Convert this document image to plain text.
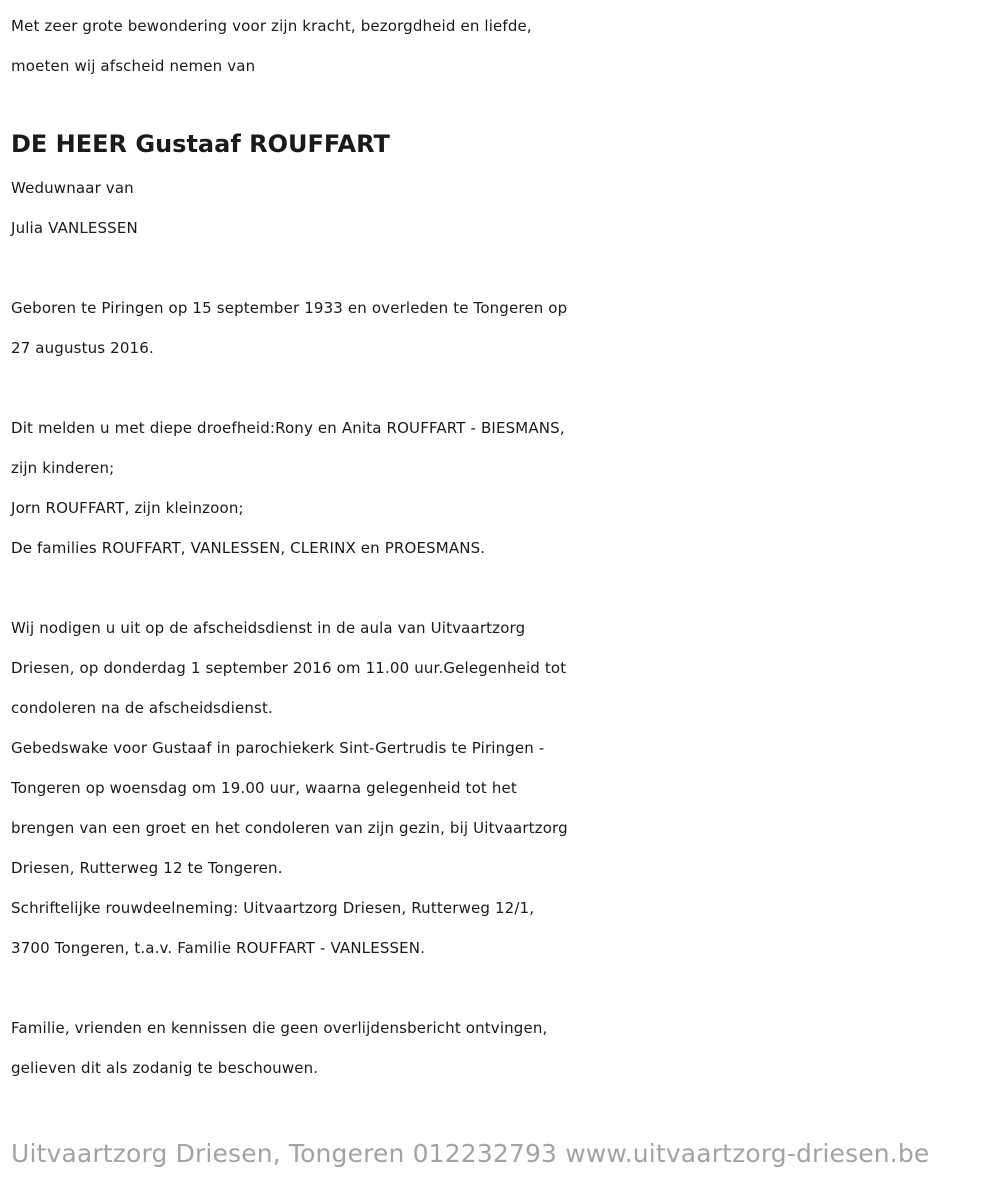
Met zeer grote bewondering voor zijn kracht, bezorgdheid en liefde,
moeten wij afscheid nemen van
DE HEER Gustaaf ROUFFART
Weduwnaar van
Julia VANLESSEN
Geboren te Piringen op 15 september 1933 en overleden te Tongeren op
27 augustus 2016.
Dit melden u met diepe droefheid:Rony en Anita ROUFFART - BIESMANS,
zijn kinderen;
Jorn ROUFFART, zijn kleinzoon;
De families ROUFFART, VANLESSEN, CLERINX en PROESMANS.
Wij nodigen u uit op de afscheidsdienst in de aula van Uitvaartzorg
Driesen, op donderdag 1 september 2016 om 11.00 uur.Gelegenheid tot
condoleren na de afscheidsdienst.
Gebedswake voor Gustaaf in parochiekerk Sint-Gertrudis te Piringen -
Tongeren op woensdag om 19.00 uur, waarna gelegenheid tot het
brengen van een groet en het condoleren van zijn gezin, bij Uitvaartzorg
Driesen, Rutterweg 12 te Tongeren.
Schriftelijke rouwdeelneming: Uitvaartzorg Driesen, Rutterweg 12/1,
3700 Tongeren, t.a.v. Familie ROUFFART - VANLESSEN.
Familie, vrienden en kennissen die geen overlijdensbericht ontvingen,
gelieven dit als zodanig te beschouwen.
Uitvaartzorg Driesen, Tongeren 012232793 www.uitvaartzorg-driesen.be
